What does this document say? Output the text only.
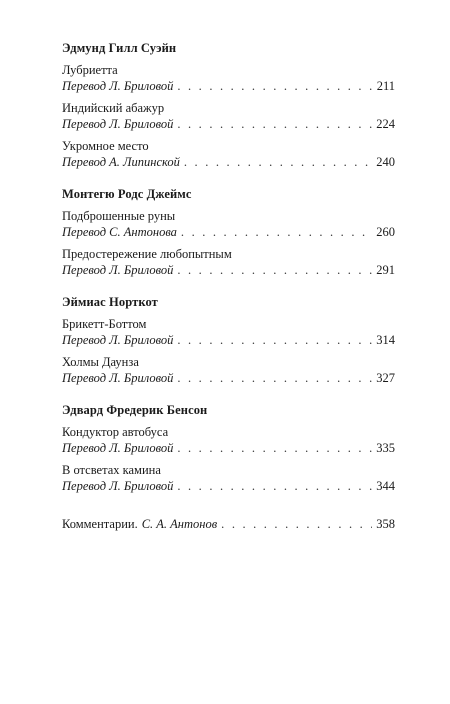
Эдмунд Гилл Суэйн
Лубриетта
Перевод Л. Бриловой . . .	211
Индийский абажур
Перевод Л. Бриловой . . .	224
Укромное место
Перевод А. Липинской . . .	240
Монтегю Родс Джеймс
Подброшенные руны
Перевод С. Антонова . . .	260
Предостережение любопытным
Перевод Л. Бриловой . . .	291
Эймиас Норткот
Брикетт-Боттом
Перевод Л. Бриловой . . .	314
Холмы Даунза
Перевод Л. Бриловой . . .	327
Эдвард Фредерик Бенсон
Кондуктор автобуса
Перевод Л. Бриловой . . .	335
В отсветах камина
Перевод Л. Бриловой . . .	344
Комментарии. С. А. Антонов . . .	358
